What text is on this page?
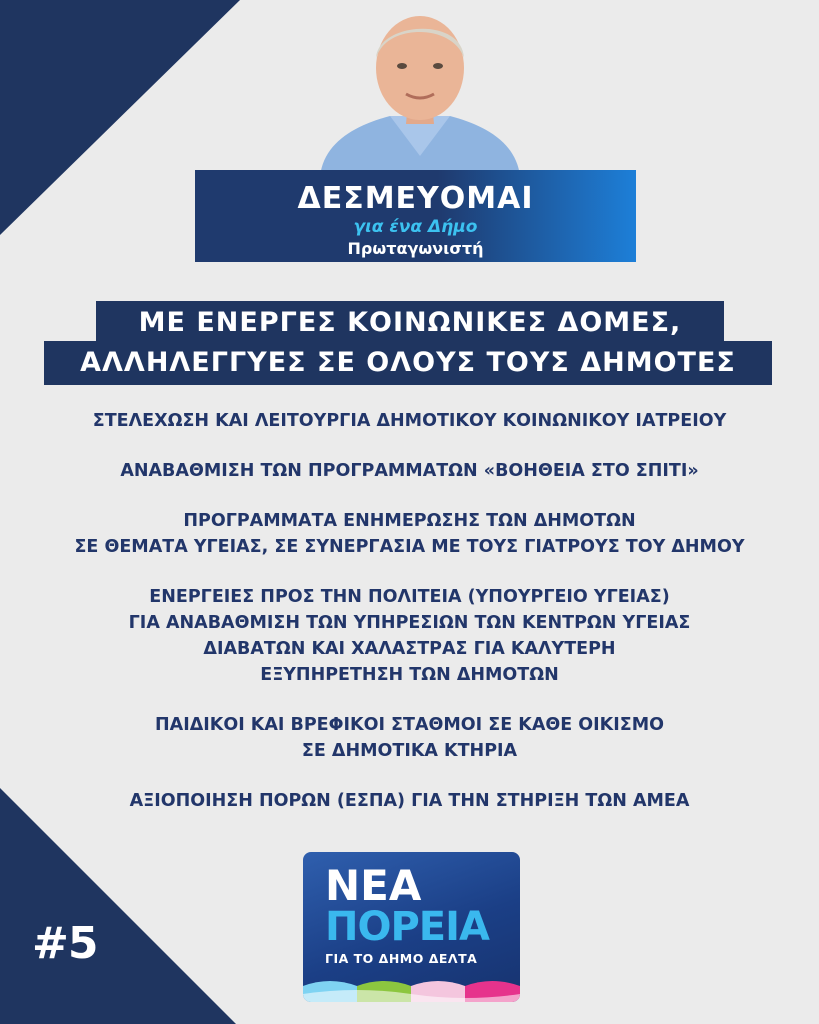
#5
ΔΕΣΜΕΥΟΜΑΙ
για ένα Δήμο
Πρωταγωνιστή
ΜΕ ΕΝΕΡΓΕΣ ΚΟΙΝΩΝΙΚΕΣ ΔΟΜΕΣ,
ΑΛΛΗΛΕΓΓΥΕΣ ΣΕ ΟΛΟΥΣ ΤΟΥΣ ΔΗΜΟΤΕΣ
ΣΤΕΛΕΧΩΣΗ ΚΑΙ ΛΕΙΤΟΥΡΓΙΑ ΔΗΜΟΤΙΚΟΥ ΚΟΙΝΩΝΙΚΟΥ ΙΑΤΡΕΙΟΥ
ΑΝΑΒΑΘΜΙΣΗ ΤΩΝ ΠΡΟΓΡΑΜΜΑΤΩΝ «ΒΟΗΘΕΙΑ ΣΤΟ ΣΠΙΤΙ»
ΠΡΟΓΡΑΜΜΑΤΑ ΕΝΗΜΕΡΩΣΗΣ ΤΩΝ ΔΗΜΟΤΩΝ
ΣΕ ΘΕΜΑΤΑ ΥΓΕΙΑΣ, ΣΕ ΣΥΝΕΡΓΑΣΙΑ ΜΕ ΤΟΥΣ ΓΙΑΤΡΟΥΣ ΤΟΥ ΔΗΜΟΥ
ΕΝΕΡΓΕΙΕΣ ΠΡΟΣ ΤΗΝ ΠΟΛΙΤΕΙΑ (ΥΠΟΥΡΓΕΙΟ ΥΓΕΙΑΣ)
ΓΙΑ ΑΝΑΒΑΘΜΙΣΗ ΤΩΝ ΥΠΗΡΕΣΙΩΝ ΤΩΝ ΚΕΝΤΡΩΝ ΥΓΕΙΑΣ
ΔΙΑΒΑΤΩΝ ΚΑΙ ΧΑΛΑΣΤΡΑΣ ΓΙΑ ΚΑΛΥΤΕΡΗ
ΕΞΥΠΗΡΕΤΗΣΗ ΤΩΝ ΔΗΜΟΤΩΝ
ΠΑΙΔΙΚΟΙ ΚΑΙ ΒΡΕΦΙΚΟΙ ΣΤΑΘΜΟΙ ΣΕ ΚΑΘΕ ΟΙΚΙΣΜΟ
ΣΕ ΔΗΜΟΤΙΚΑ ΚΤΗΡΙΑ
ΑΞΙΟΠΟΙΗΣΗ ΠΟΡΩΝ (ΕΣΠΑ) ΓΙΑ ΤΗΝ ΣΤΗΡΙΞΗ ΤΩΝ ΑΜΕΑ
ΝΕΑ
ΠΟΡΕΙΑ
ΓΙΑ ΤΟ ΔΗΜΟ ΔΕΛΤΑ
